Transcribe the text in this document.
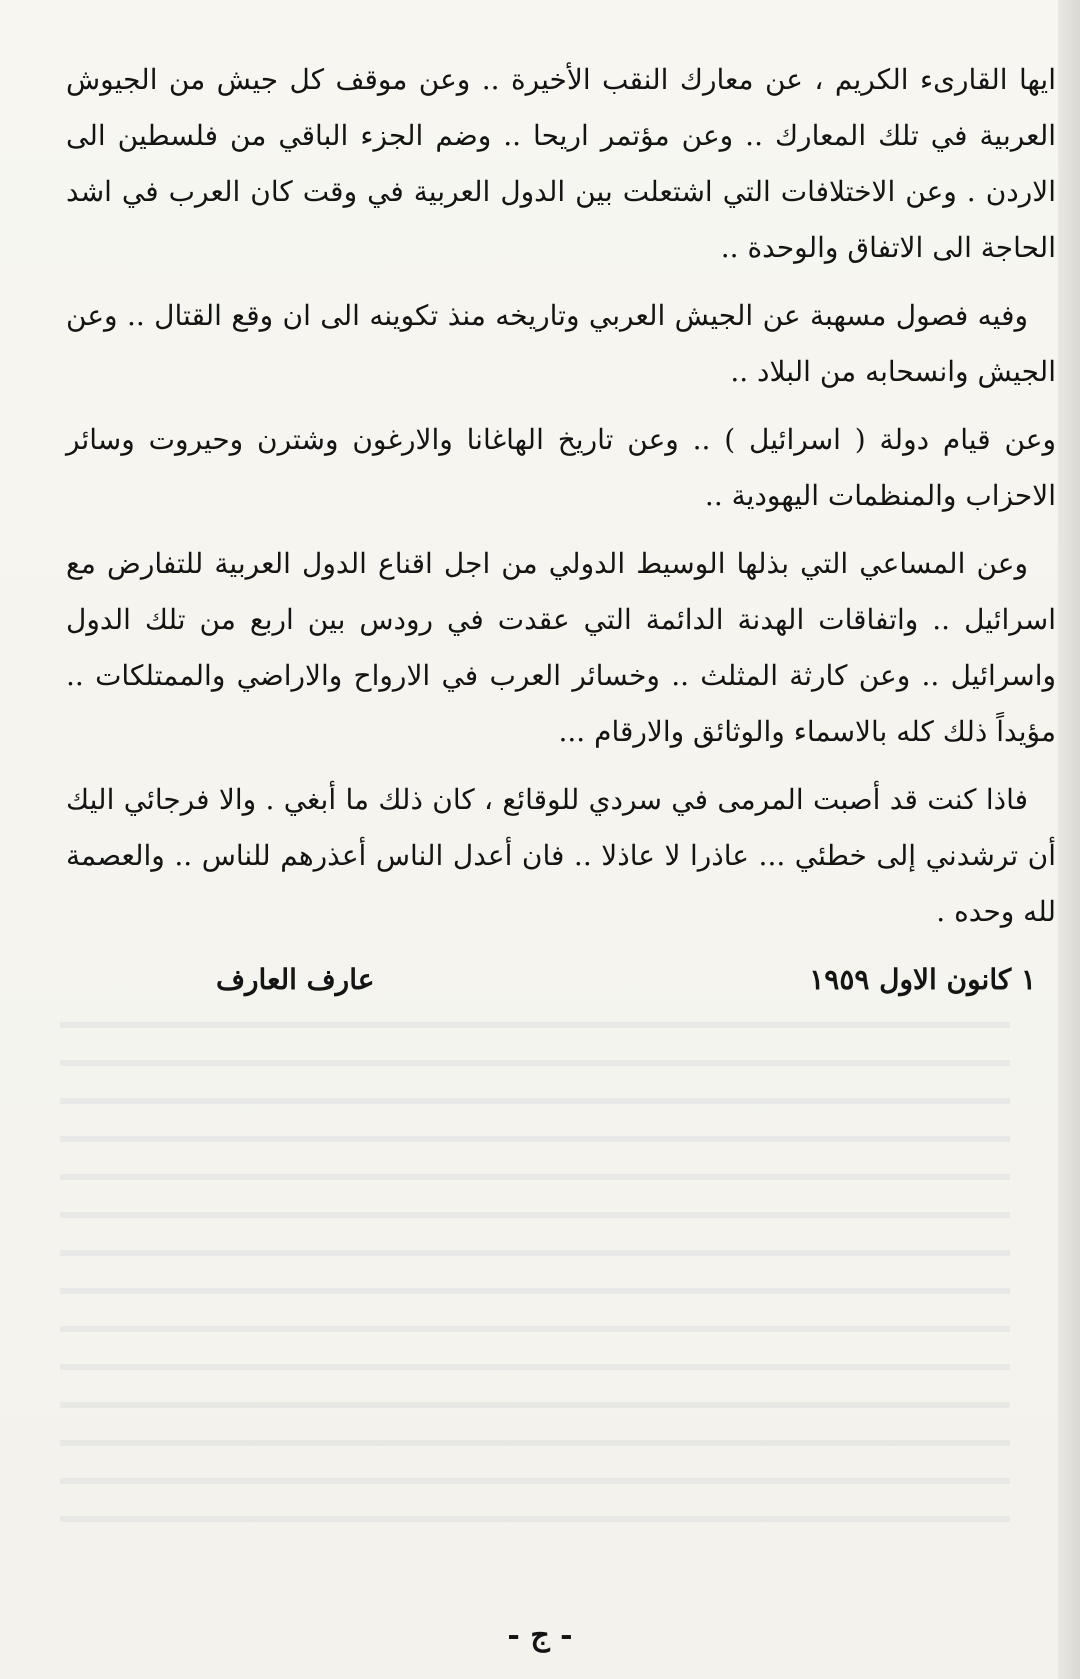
ايها القارىء الكريم ، عن معارك النقب الأخيرة .. وعن موقف كل جيش من الجيوش العربية في تلك المعارك .. وعن مؤتمر اريحا .. وضم الجزء الباقي من فلسطين الى الاردن . وعن الاختلافات التي اشتعلت بين الدول العربية في وقت كان العرب في اشد الحاجة الى الاتفاق والوحدة ..

وفيه فصول مسهبة عن الجيش العربي وتاريخه منذ تكوينه الى ان وقع القتال .. وعن الجيش وانسحابه من البلاد ..

وعن قيام دولة ( اسرائيل ) .. وعن تاريخ الهاغانا والارغون وشترن وحيروت وسائر الاحزاب والمنظمات اليهودية ..

وعن المساعي التي بذلها الوسيط الدولي من اجل اقناع الدول العربية للتفارض مع اسرائيل .. واتفاقات الهدنة الدائمة التي عقدت في رودس بين اربع من تلك الدول واسرائيل .. وعن كارثة المثلث .. وخسائر العرب في الارواح والاراضي والممتلكات .. مؤيداً ذلك كله بالاسماء والوثائق والارقام ...

فاذا كنت قد أصبت المرمى في سردي للوقائع ، كان ذلك ما أبغي . والا فرجائي اليك أن ترشدني إلى خطئي ... عاذرا لا عاذلا .. فان أعدل الناس أعذرهم للناس .. والعصمة لله وحده .

١ كانون الاول ١٩٥٩
عارف العارف
- ج -
